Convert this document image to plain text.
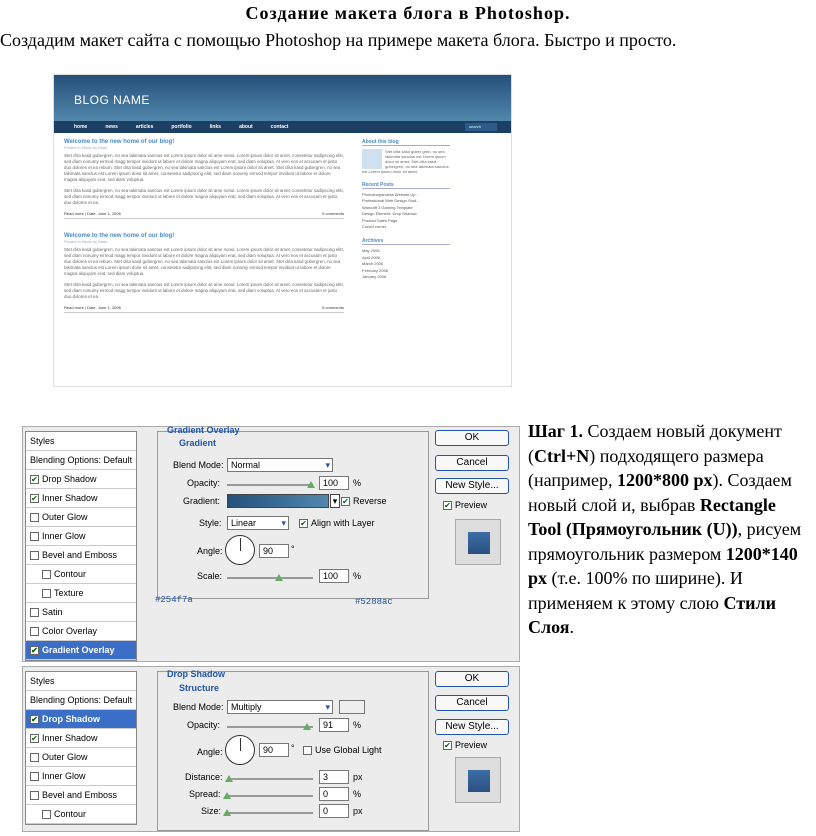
Создание макета блога в Photoshop.
Создадим макет сайта с помощью Photoshop на примере макета блога. Быстро и просто.
BLOG NAME
home	news	articles	portfolio	links	about	contact	search
Welcome to the new home of our blog!
Posted in News by Mark
Stet clita kasd gubergren, no sea takimata sanctus est Lorem ipsum dolor sit ame nonul. Lorem ipsum dolor sit amet, consetetur sadipscing elitr, sed diam nonumy eirmod magg tempor invidunt ut labore et dolore magna aliquyam erat, sed diam voluptua. At vero eos et accusam et justo duo dolores et ea rebum. Stet clita kasd gubergren, no sea takimata sanctus est Lorem ipsum dolor sit amet. Stet clita kasd gubergren, no sea takimata sanctus est Lorem ipsum dolor sit amet, consetetur sadipscing elitr, sed diam nonumy eirmod tempor invidunt ut labore et dolore magna aliquyam erat, sed diam voluptua.
Stet clita kasd gubergren, no sea takimata sanctus est Lorem ipsum dolor sit ame nonul. Lorem ipsum dolor sit amet, consetetur sadipscing elitr, sed diam nonumy eirmod magg tempor invidunt ut labore et dolore magna aliquyam erat, sed diam voluptua. At vero eos et accusam et justo duo dolores et ea.
Read more | Date: June 1, 2006	5 comments
Welcome to the new home of our blog!
Posted in News by Mark
Stet clita kasd gubergren, no sea takimata sanctus est Lorem ipsum dolor sit ame nonul. Lorem ipsum dolor sit amet, consetetur sadipscing elitr, sed diam nonumy eirmod magg tempor invidunt ut labore et dolore magna aliquyam erat, sed diam voluptua. At vero eos et accusam et justo duo dolores et ea rebum. Stet clita kasd gubergren, no sea takimata sanctus est Lorem ipsum dolor sit amet. Stet clita kasd gubergren, no sea takimata sanctus est Lorem ipsum dolor sit amet, consetetur sadipscing elitr, sed diam nonumy eirmod tempor invidunt ut labore et dolore magna aliquyam erat, sed diam voluptua.
Stet clita kasd gubergren, no sea takimata sanctus est Lorem ipsum dolor sit ame nonul. Lorem ipsum dolor sit amet, consetetur sadipscing elitr, sed diam nonumy eirmod magg tempor invidunt ut labore et dolore magna aliquyam erat, sed diam voluptua. At vero eos et accusam et justo duo dolores et ea.
Read more | Date: June 1, 2006	5 comments
About this blog
Stet clita kasd guber gren, no sea takimata sanctus est Lorem ipsum dolor sit amet. Stet clita kasd gubergren, no sea takimata sanctus est Lorem ipsum dolor sit amet.
Recent Posts
Photoshopandcss Website Up...
Professional Web Design Stud...
Warcraft 3 Gaming Template
Design Element: Drop Shadow
Product Sales Page
Curled corner
Archives
May 2006
April 2006
March 2006
February 2006
January 2006
Styles
Blending Options: Default
✔ Drop Shadow
✔ Inner Shadow
Outer Glow
Inner Glow
Bevel and Emboss
Contour
Texture
Satin
Color Overlay
✔ Gradient Overlay
Gradient Overlay
Gradient
Blend Mode: Normal ▾
Opacity:	100	%
Gradient:	▾ ✔ Reverse
Style:	Linear ▾	✔ Align with Layer
Angle:	90	°
Scale:	100	%
#254f7a	#5288ac
OK
Cancel
New Style...
✔ Preview
Styles
Blending Options: Default
✔ Drop Shadow
✔ Inner Shadow
Outer Glow
Inner Glow
Bevel and Emboss
Contour
Drop Shadow
Structure
Blend Mode: Multiply ▾
Opacity:	91	%
Angle:	90	°	Use Global Light
Distance:	3	px
Spread:	0	%
Size:	0	px
OK
Cancel
New Style...
✔ Preview
Шаг 1. Создаем новый документ (Ctrl+N) подходящего размера (например, 1200*800 px). Создаем новый слой и, выбрав Rectangle Tool (Прямоугольник (U)), рисуем прямоугольник размером 1200*140 px (т.е. 100% по ширине). И применяем к этому слою Стили Слоя.
